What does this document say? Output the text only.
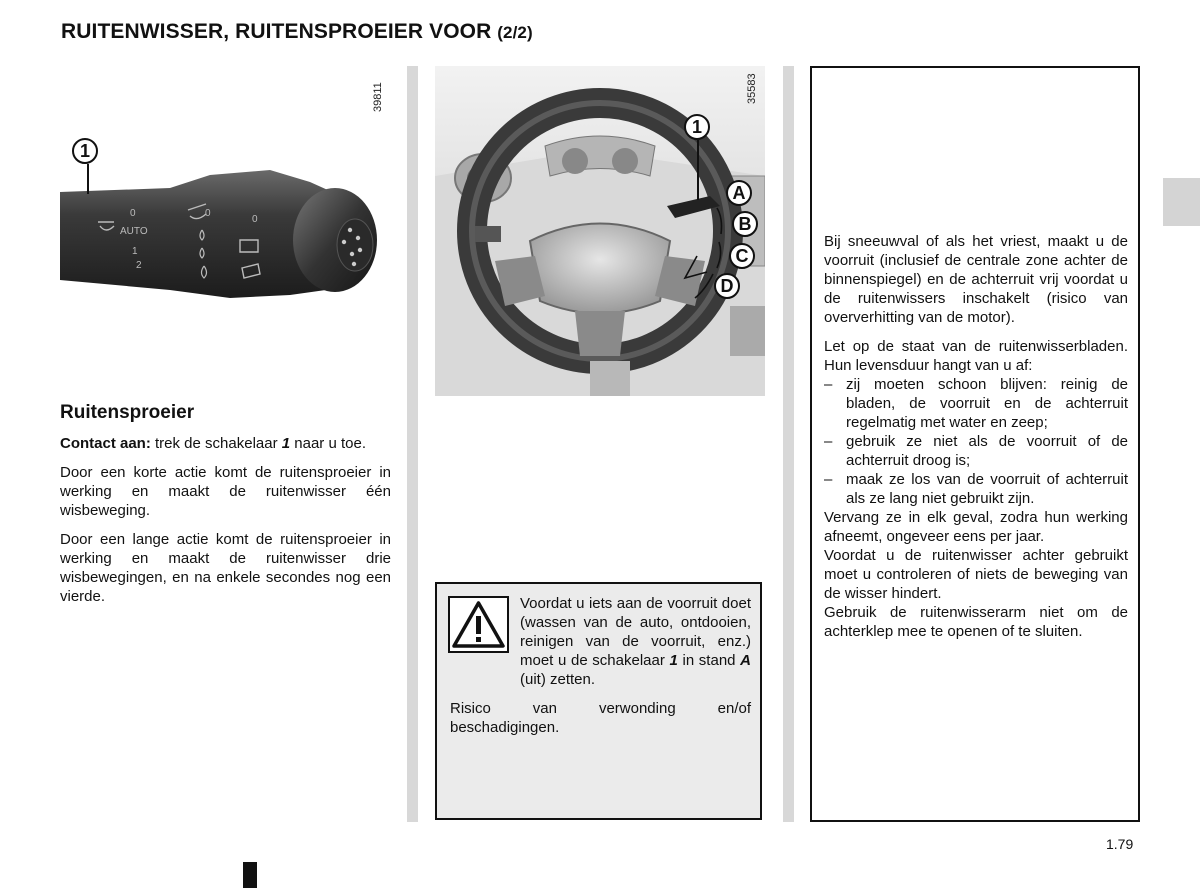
RUITENWISSER, RUITENSPROEIER VOOR (2/2)
AUTO
1
2
0	0
0
1
39811
1
A
B
C
D
35583
Ruitensproeier

Contact aan: trek de schakelaar 1 naar u toe.

Door een korte actie komt de ruitensproeier in werking en maakt de ruitenwisser één wisbeweging.

Door een lange actie komt de ruitensproeier in werking en maakt de ruitenwisser drie wisbewegingen, en na enkele secondes nog een vierde.	Voordat u iets aan de voorruit doet (wassen van de auto, ontdooien, reinigen van de voorruit, enz.) moet u de schakelaar 1 in stand A (uit) zetten.

Risico van verwonding en/of beschadigingen.

Bij sneeuwval of als het vriest, maakt u de voorruit (inclusief de centrale zone achter de binnenspiegel) en de achterruit vrij voordat u de ruitenwissers inschakelt (risico van oververhitting van de motor).

Let op de staat van de ruitenwisserbladen. Hun levensduur hangt van u af:

– zij moeten schoon blijven: reinig de bladen, de voorruit en de achterruit regelmatig met water en zeep;
– gebruik ze niet als de voorruit of de achterruit droog is;
– maak ze los van de voorruit of achterruit als ze lang niet gebruikt zijn.

Vervang ze in elk geval, zodra hun werking afneemt, ongeveer eens per jaar.

Voordat u de ruitenwisser achter gebruikt moet u controleren of niets de beweging van de wisser hindert.

Gebruik de ruitenwisserarm niet om de achterklep mee te openen of te sluiten.

1.79
